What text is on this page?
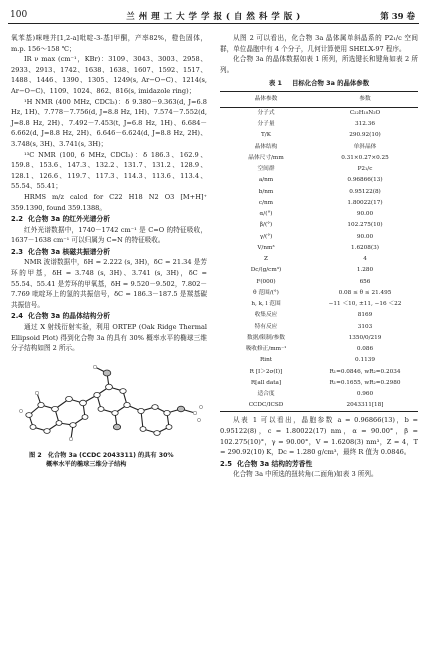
100	兰 州 理 工 大 学 学 报 ( 自 然 科 学 版 )	第 39 卷

氧苯基)咪唑并[1,2-a]吡啶-3-基]甲酮，产率82%，橙色固体，m.p. 156～158 ℃；

IR ν max (cm⁻¹，KBr)：3109、3043、3003、2958、2933、2913、1742、1638、1638、1607、1592、1517、1488、1446、1390、1305、1249(s, Ar−O−C)、1214(s, Ar−O−C)、1109、1024、862、816(s, imidazole ring)；

¹H NMR (400 MHz, CDCl₃)：δ 9.380－9.363(d, J=6.8 Hz, 1H)、7.778－7.756(d, J=8.8 Hz, 1H)、7.574－7.552(d, J=8.8 Hz, 2H)、7.492－7.453(t, J=6.8 Hz, 1H)、6.684－6.662(d, J=8.8 Hz, 2H)、6.646－6.624(d, J=8.8 Hz, 2H)、3.748(s, 3H)、3.741(s, 3H)；

¹³C NMR (100, 6 MHz, CDCl₃)：δ 186.3、162.9、159.8、153.6、147.3、132.2、131.7、131.2、128.9、128.1、126.6、119.7、117.3、114.3、113.6、113.4、55.54、55.41；

HRMS m/z calcd for C22 H18 N2 O3 [M+H]⁺ 359.1390, found 359.1388。

2.2 化合物 3a 的红外光谱分析

红外光谱数据中，1740－1742 cm⁻¹ 是 C=O 的特征吸收，1637－1638 cm⁻¹ 可以归属为 C=N 的特征吸收。

2.3 化合物 3a 核磁共振谱分析

NMR 波谱数据中，δH = 2.222 (s, 3H)，δC = 21.34 是芳环的甲基，δH = 3.748 (s, 3H)、3.741 (s, 3H)，δC = 55.54、55.41 是芳环的甲氧基，δH = 9.520－9.502，7.802－7.769 吡啶环上的氢的共振信号，δC = 186.3－187.5 是羰基碳共振信号。

2.4 化合物 3a 的晶体结构分析

通过 X 射线衍射实验，利用 ORTEP (Oak Ridge Thermal Ellipsoid Plot) 得到化合物 3a 的具有 30% 概率水平的椭球三维分子结构如图 2 所示。

图 2　化合物 3a (CCDC 2043311) 的具有 30%
概率水平的椭球三维分子结构

从图 2 可以看出，化合物 3a 晶体属单斜晶系的 P2₁/c 空间群，单位晶胞中有 4 个分子，几何计算使用 SHELX-97 程序。

化合物 3a 的晶体数据如表 1 所列，所选键长和键角如表 2 所列。

表 1 目标化合物 3a 的晶体参数
晶体参数	参数
分子式	C₂₂H₁₈N₂O
分子量	312.36
T/K	290.92(10)
晶体结构	单斜晶体
晶体尺寸/mm	0.31×0.27×0.25
空间群	P2₁/c
a/nm	0.96866(13)
b/nm	0.95122(8)
c/nm	1.80022(17)
α/(°)	90.00
β/(°)	102.275(10)
γ/(°)	90.00
V/nm³	1.6208(3)
Z	4
Dc/(g/cm³)	1.280
F(000)	656
θ 范围/(°)	0.08 ≤ θ ≤ 21.495
h, k, l 范围	−11 ＜10, ±11, −16 ＜22
收集反应	8169
特有反应	3103
数据/限制/参数	1350/0/219
吸收修正/mm⁻¹	0.086
Rint	0.1139
R [I＞2σ(I)]	R₁=0.0846, wR₂=0.2034
R[all data]	R₁=0.1655, wR₂=0.2980
适合度	0.960
CCDC/ICSD	2043311[18]

从表 1 可以看出，晶胞参数 a = 0.96866(13)，b = 0.95122(8)，c = 1.80022(17) nm，α = 90.00°，β = 102.275(10)°，γ = 90.00°，V = 1.6208(3) nm³，Z = 4，T = 290.92(10) K，Dc = 1.280 g/cm³，最终 R 值为 0.0846。

2.5 化合物 3a 结构的芳香性

化合物 3a 中所选的扭转角(二面角)如表 3 所列。
